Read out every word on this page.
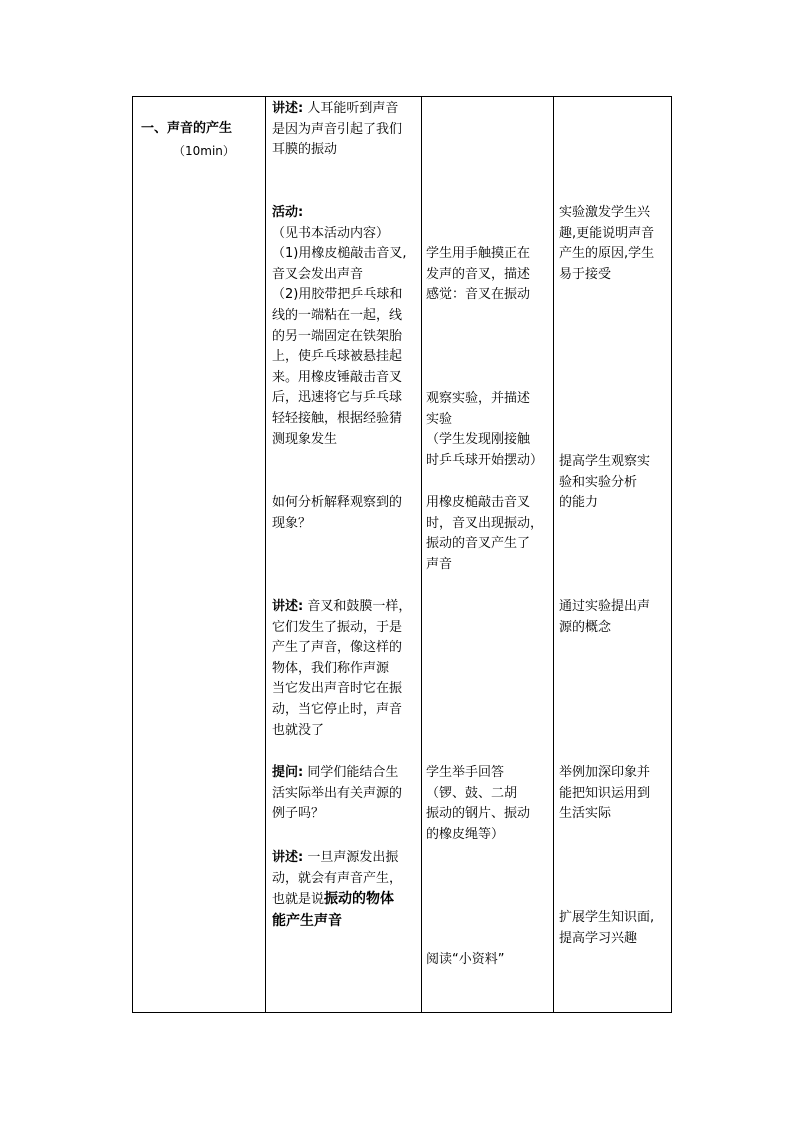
一、声音的产生
（10min）
讲述: 人耳能听到声音
是因为声音引起了我们
耳膜的振动
活动:
（见书本活动内容）
（1)用橡皮槌敲击音叉,
音叉会发出声音
（2)用胶带把乒乓球和
线的一端粘在一起，线
的另一端固定在铁架胎
上，使乒乓球被悬挂起
来。用橡皮锤敲击音叉
后，迅速将它与乒乓球
轻轻接触，根据经验猜
测现象发生
如何分析解释观察到的
现象？
讲述: 音叉和鼓膜一样，
它们发生了振动，于是
产生了声音，像这样的
物体，我们称作声源
当它发出声音时它在振
动，当它停止时，声音
也就没了
提问: 同学们能结合生
活实际举出有关声源的
例子吗？
讲述: 一旦声源发出振
动，就会有声音产生，
也就是说振动的物体
能产生声音
学生用手触摸正在
发声的音叉，描述
感觉：音叉在振动
观察实验，并描述
实验
（学生发现刚接触
时乒乓球开始摆动）
用橡皮槌敲击音叉
时，音叉出现振动，
振动的音叉产生了
声音
学生举手回答
（锣、鼓、二胡
振动的钢片、振动
的橡皮绳等）
阅读“小资料”
实验激发学生兴
趣,更能说明声音
产生的原因,学生
易于接受
提高学生观察实
验和实验分析
的能力
通过实验提出声
源的概念
举例加深印象并
能把知识运用到
生活实际
扩展学生知识面,
提高学习兴趣
